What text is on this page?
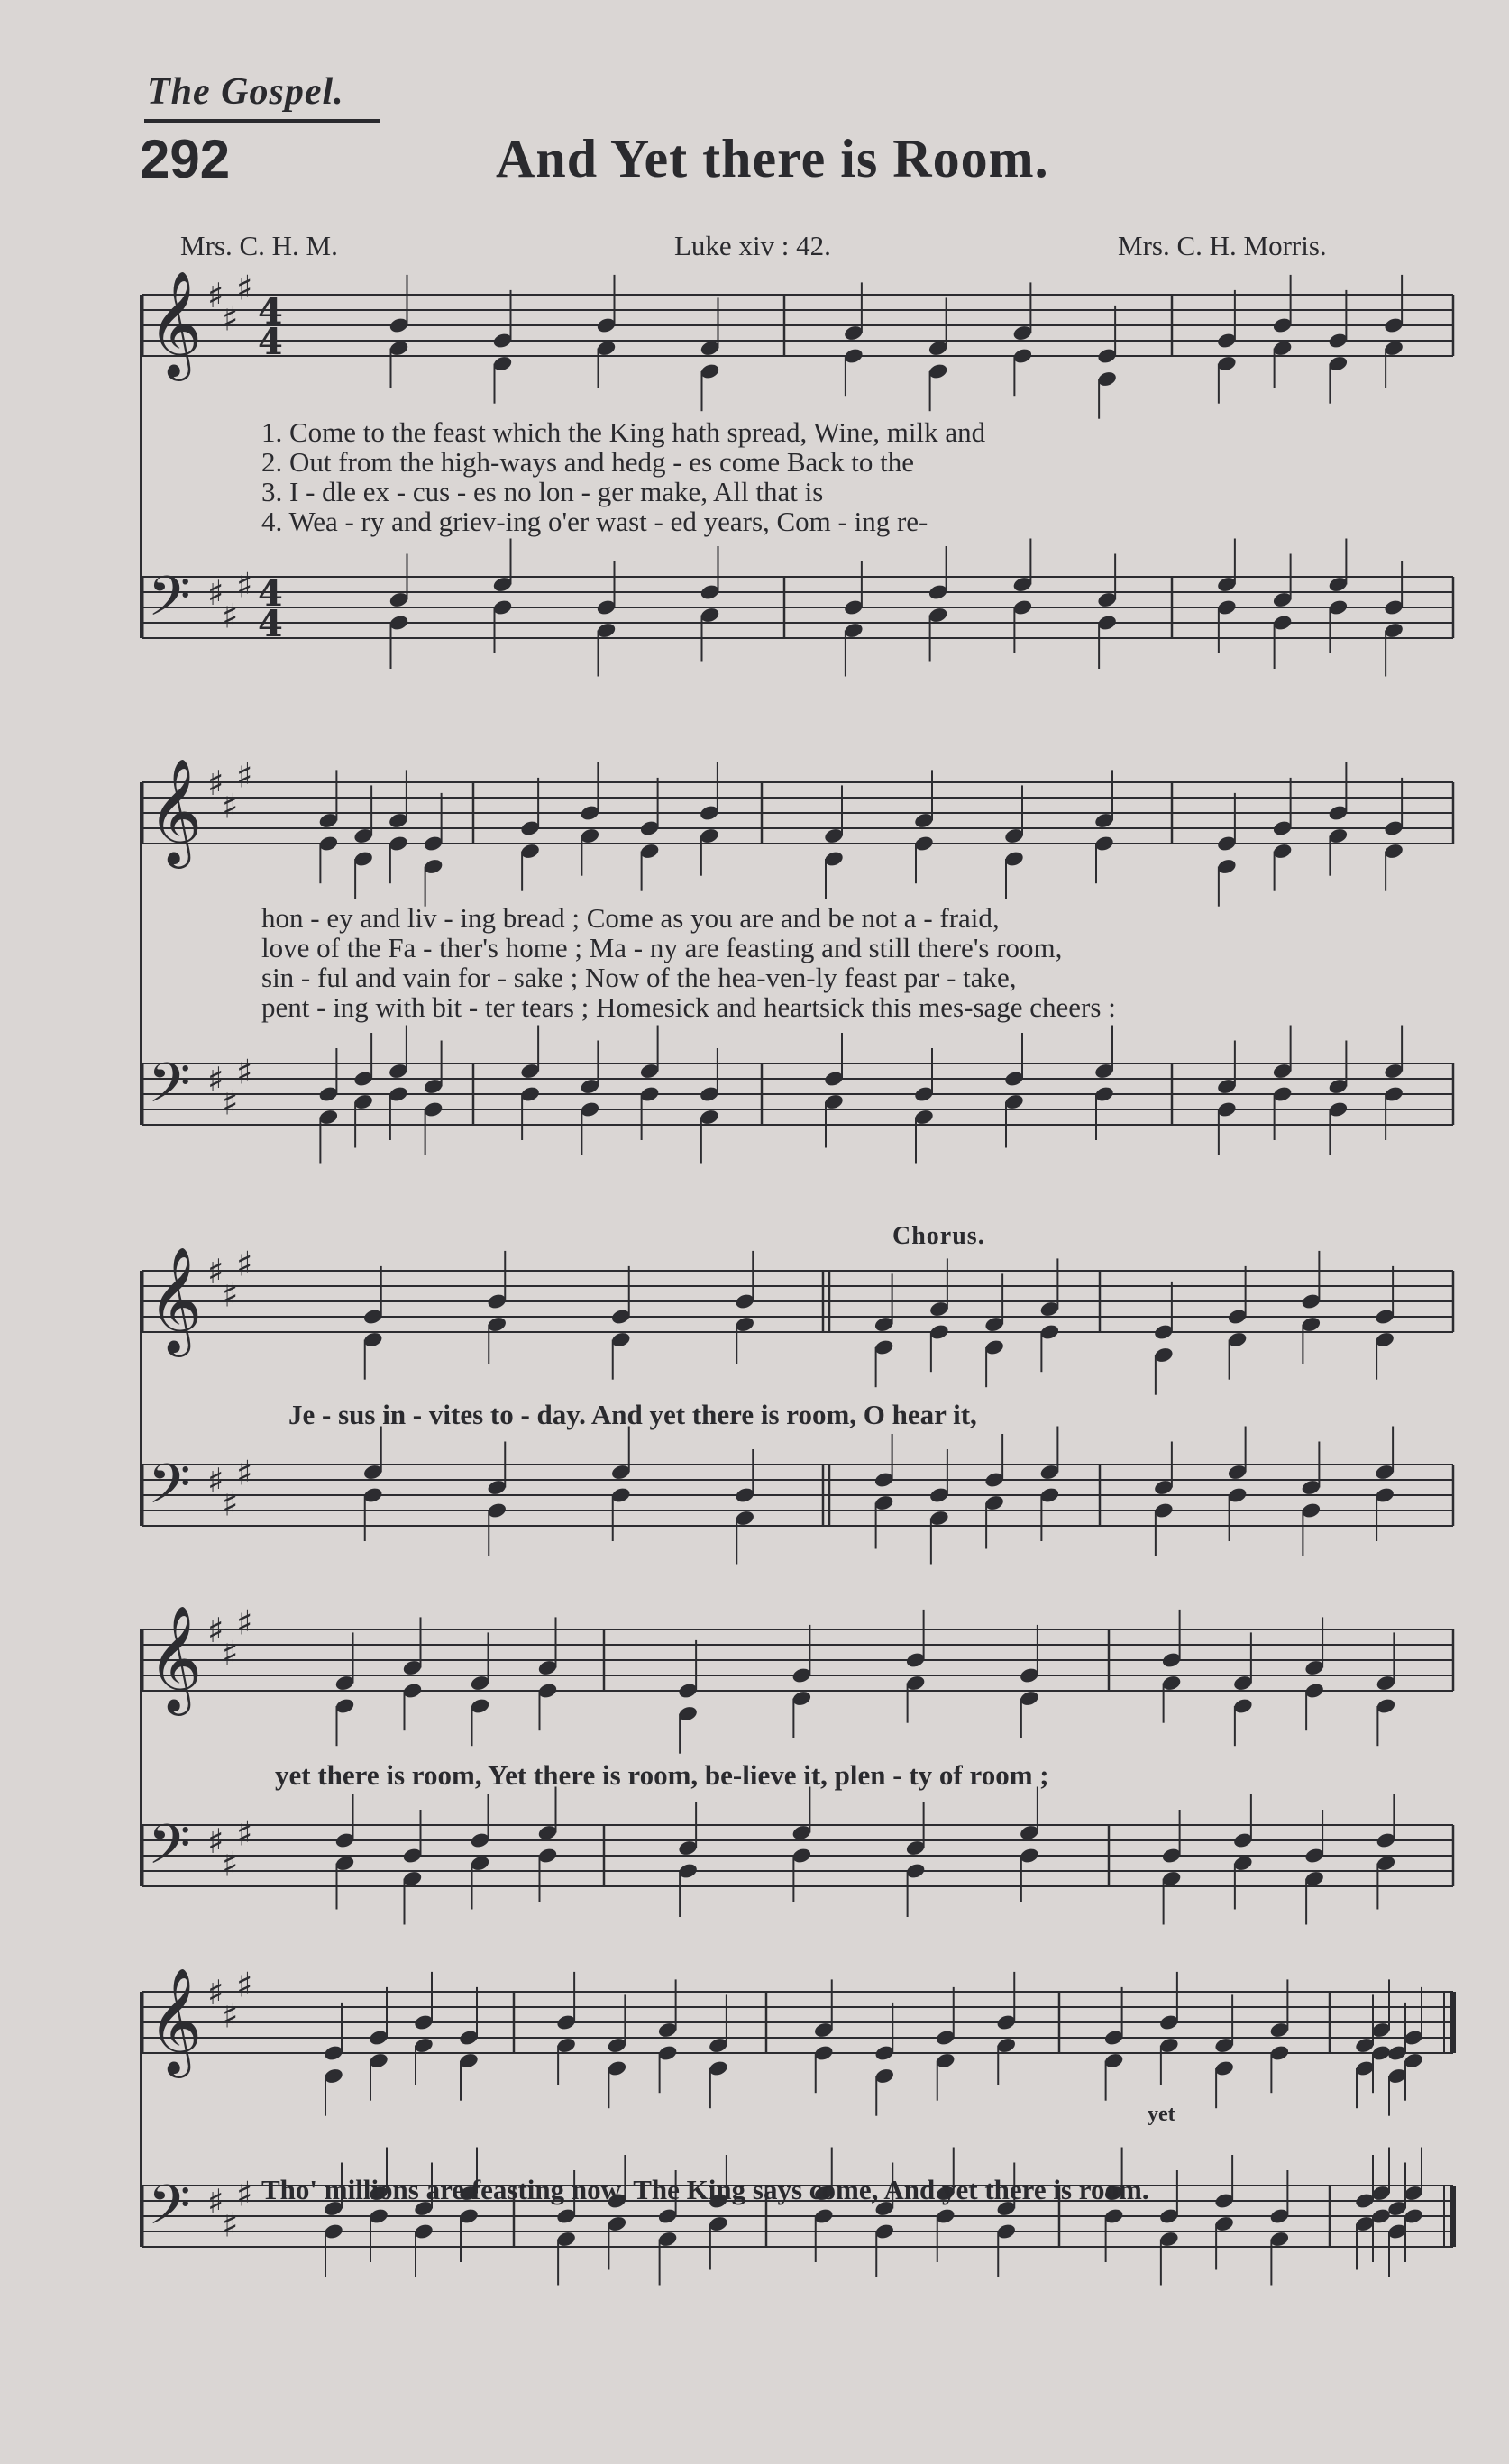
The Gospel.
292	And Yet there is Room.
Mrs. C. H. M.	Luke xiv : 42.	Mrs. C. H. Morris.
𝄞 ♯
♯
♯
4
4
𝄢 ♯
♯
♯ 4
4
𝄞 ♯
♯
♯
𝄢 ♯
♯
♯
𝄞 ♯
♯
♯
𝄢 ♯
♯
♯
𝄞 ♯
♯
♯
𝄢 ♯
♯
♯
𝄞 ♯
♯
♯
𝄢 ♯
♯
♯
1. Come to the feast which the King hath spread, Wine, milk and
2. Out from the high-ways and hedg - es come Back to the
3. I - dle ex - cus - es no lon - ger make, All that is
4. Wea - ry and griev-ing o'er wast - ed years, Com - ing re-
hon - ey and liv - ing bread ; Come as you are and be not a - fraid,
love of the Fa - ther's home ; Ma - ny are feasting and still there's room,
sin - ful and vain for - sake ; Now of the hea-ven-ly feast par - take,
pent - ing with bit - ter tears ; Homesick and heartsick this mes-sage cheers :
Chorus.
Je - sus in - vites to - day. And yet there is room, O hear it,
yet there is room, Yet there is room, be-lieve it, plen - ty of room ;
yet
Tho' millions are feasting now, The King says come, And yet there is room.
